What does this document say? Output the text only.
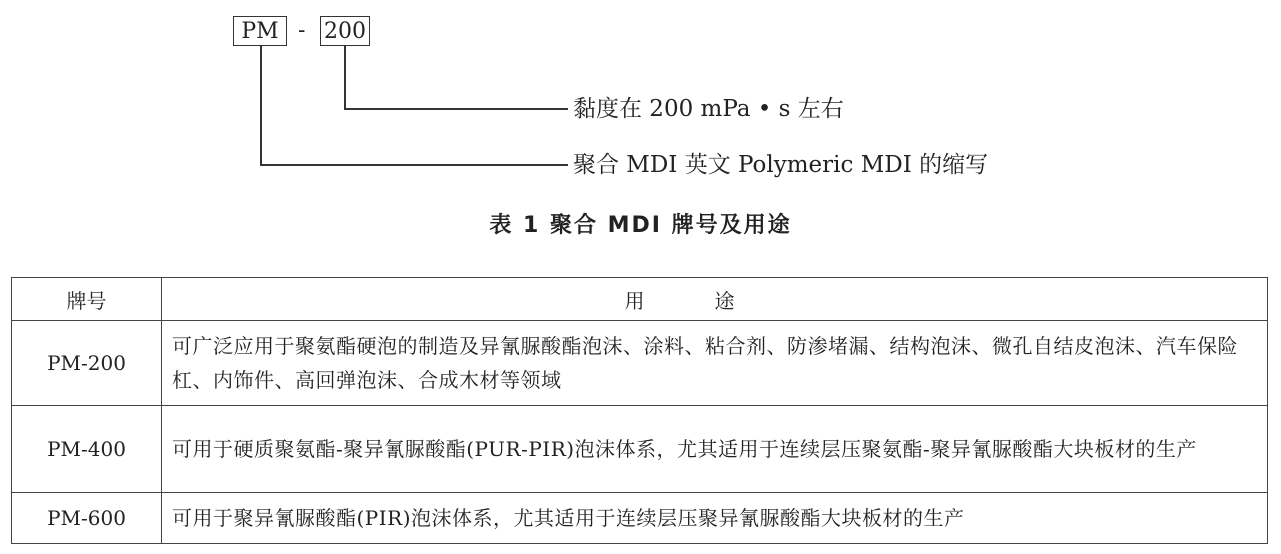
PM - 200
黏度在 200 mPa • s 左右
聚合 MDI 英文 Polymeric MDI 的缩写
表 1 聚合 MDI 牌号及用途
牌号	用途
PM-200	可广泛应用于聚氨酯硬泡的制造及异氰脲酸酯泡沫、涂料、粘合剂、防渗堵漏、结构泡沫、微孔自结皮泡沫、汽车保险杠、内饰件、高回弹泡沫、合成木材等领域
PM-400	可用于硬质聚氨酯-聚异氰脲酸酯(PUR-PIR)泡沫体系，尤其适用于连续层压聚氨酯-聚异氰脲酸酯大块板材的生产
PM-600	可用于聚异氰脲酸酯(PIR)泡沫体系，尤其适用于连续层压聚异氰脲酸酯大块板材的生产
